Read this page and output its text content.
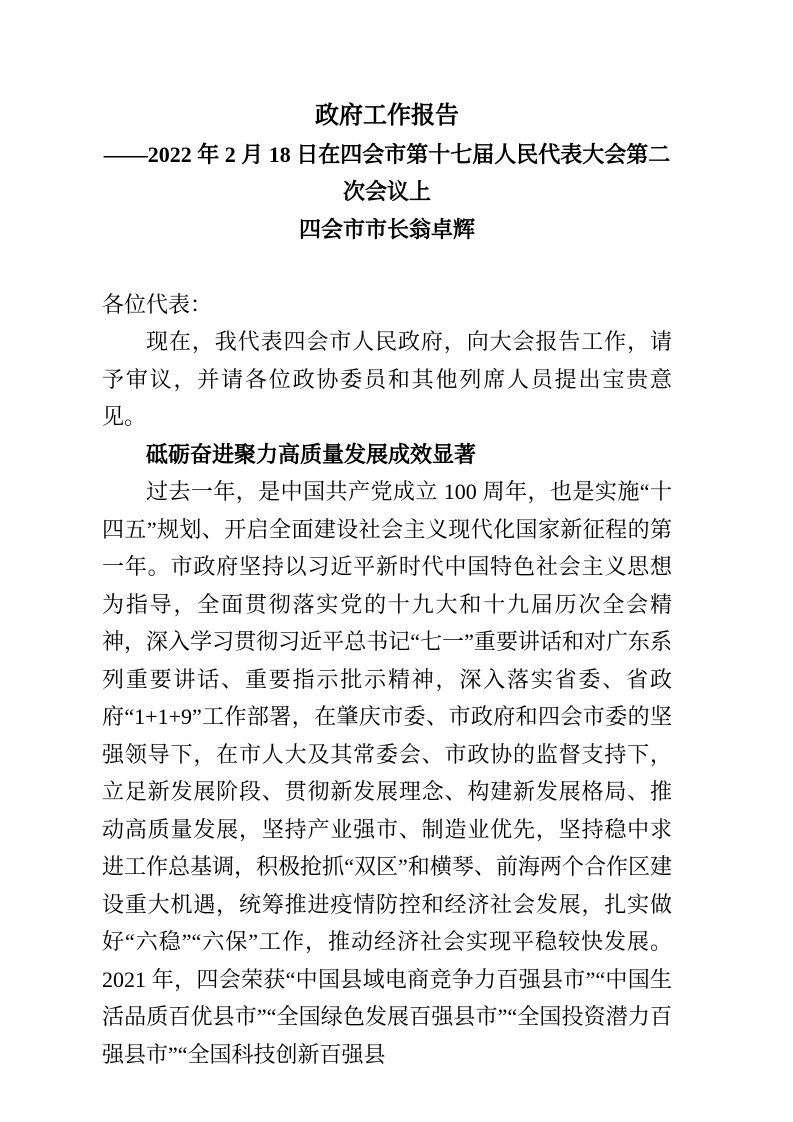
政府工作报告
——2022 年 2 月 18 日在四会市第十七届人民代表大会第二
次会议上
四会市市长翁卓辉
各位代表：

现在，我代表四会市人民政府，向大会报告工作，请予审议，并请各位政协委员和其他列席人员提出宝贵意见。

砥砺奋进聚力高质量发展成效显著

过去一年，是中国共产党成立 100 周年，也是实施“十四五”规划、开启全面建设社会主义现代化国家新征程的第一年。市政府坚持以习近平新时代中国特色社会主义思想为指导，全面贯彻落实党的十九大和十九届历次全会精神，深入学习贯彻习近平总书记“七一”重要讲话和对广东系列重要讲话、重要指示批示精神，深入落实省委、省政府“1+1+9”工作部署，在肇庆市委、市政府和四会市委的坚强领导下，在市人大及其常委会、市政协的监督支持下，立足新发展阶段、贯彻新发展理念、构建新发展格局、推动高质量发展，坚持产业强市、制造业优先，坚持稳中求进工作总基调，积极抢抓“双区”和横琴、前海两个合作区建设重大机遇，统筹推进疫情防控和经济社会发展，扎实做好“六稳”“六保”工作，推动经济社会实现平稳较快发展。2021 年，四会荣获“中国县域电商竞争力百强县市”“中国生活品质百优县市”“全国绿色发展百强县市”“全国投资潜力百强县市”“全国科技创新百强县
